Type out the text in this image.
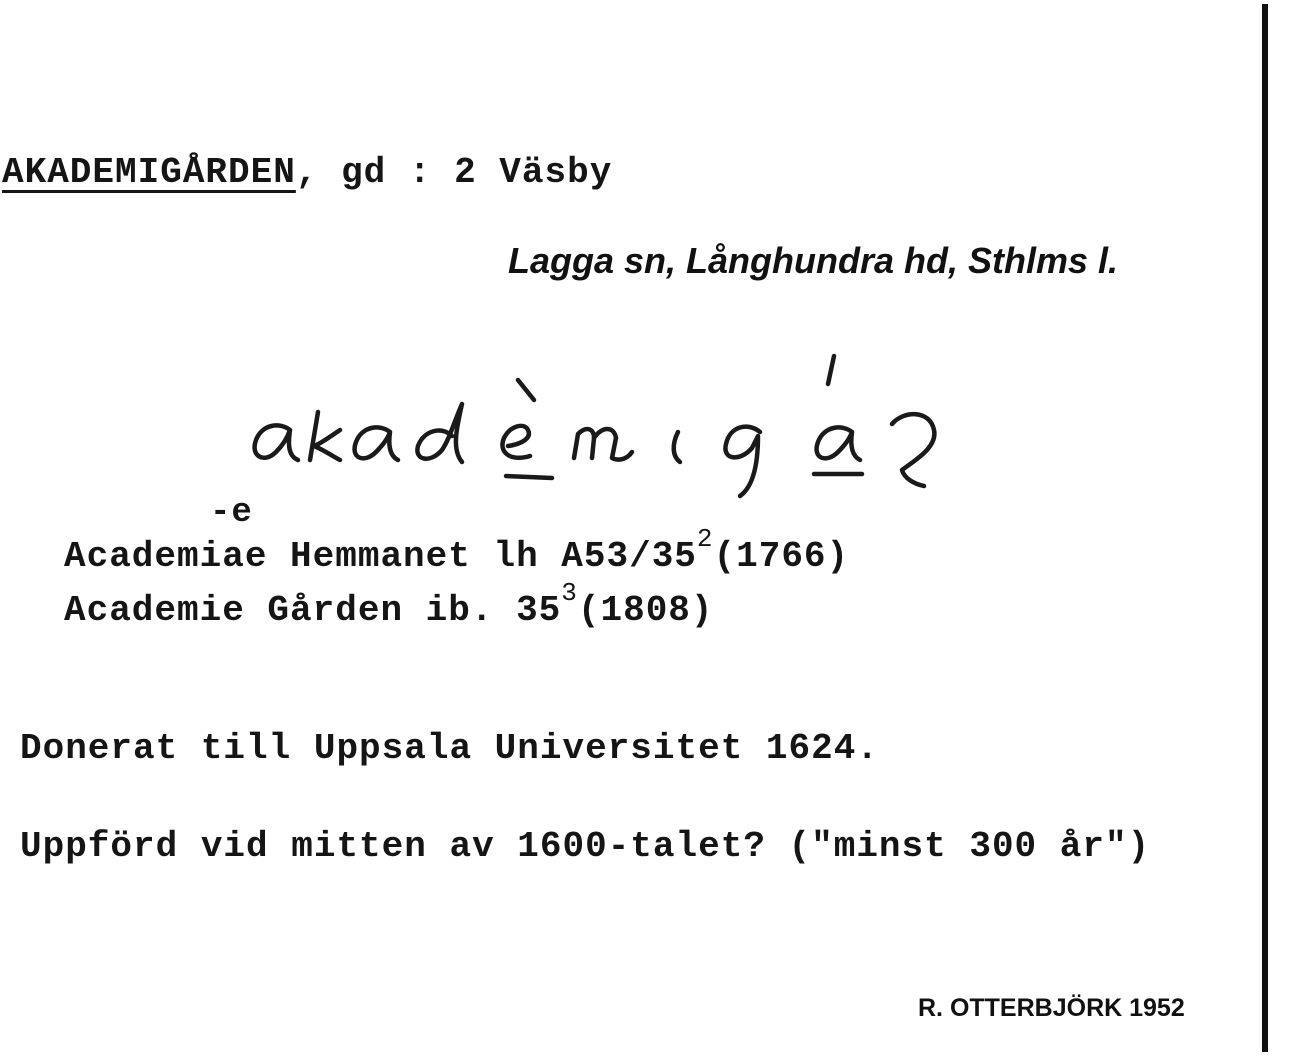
AKADEMIGÅRDEN, gd : 2 Väsby
Lagga sn, Långhundra hd, Sthlms l.
-e
Academiae Hemmanet lh $A53/35^2(1766)$
Academie Gården ib. $35^3(1808)$
Donerat till Uppsala Universitet 1624.
Uppförd vid mitten av 1600-talet? ("minst 300 år")
R. OTTERBJÖRK 1952
